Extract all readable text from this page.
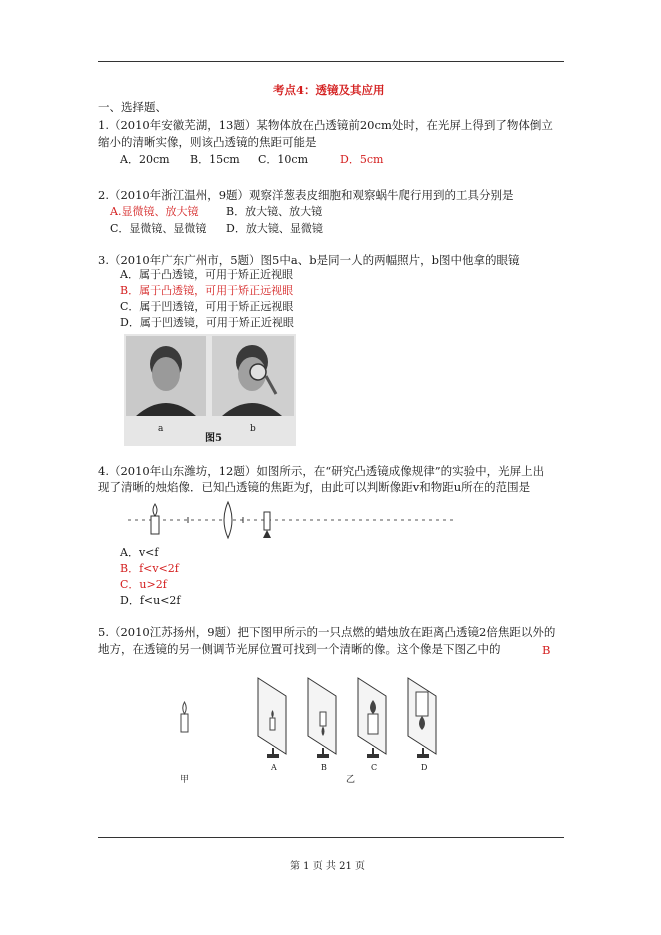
考点4：透镜及其应用
一、选择题、
1.（2010年安徽芜湖，13题）某物体放在凸透镜前20cm处时，在光屏上得到了物体倒立
缩小的清晰实像，则该凸透镜的焦距可能是
A．20cm B．15cm C．10cm	D．5cm
2.（2010年浙江温州，9题）观察洋葱表皮细胞和观察蜗牛爬行用到的工具分别是
A.显微镜、放大镜	B．放大镜、放大镜
C．显微镜、显微镜 D．放大镜、显微镜
3.（2010年广东广州市，5题）图5中a、b是同一人的两幅照片，b图中他拿的眼镜
A．属于凸透镜，可用于矫正近视眼
B．属于凸透镜，可用于矫正远视眼
C．属于凹透镜，可用于矫正远视眼
D．属于凹透镜，可用于矫正近视眼
a	b
图5
4.（2010年山东潍坊，12题）如图所示，在“研究凸透镜成像规律”的实验中，光屏上出
现了清晰的烛焰像．已知凸透镜的焦距为ƒ，由此可以判断像距v和物距u所在的范围是
A．v<f
B．f<v<2f
C．u>2f
D．f<u<2f
5.（2010江苏扬州，9题）把下图甲所示的一只点燃的蜡烛放在距离凸透镜2倍焦距以外的
地方，在透镜的另一侧调节光屏位置可找到一个清晰的像。这个像是下图乙中的	B
A	B	C	D
甲	乙
第 1 页 共 21 页
